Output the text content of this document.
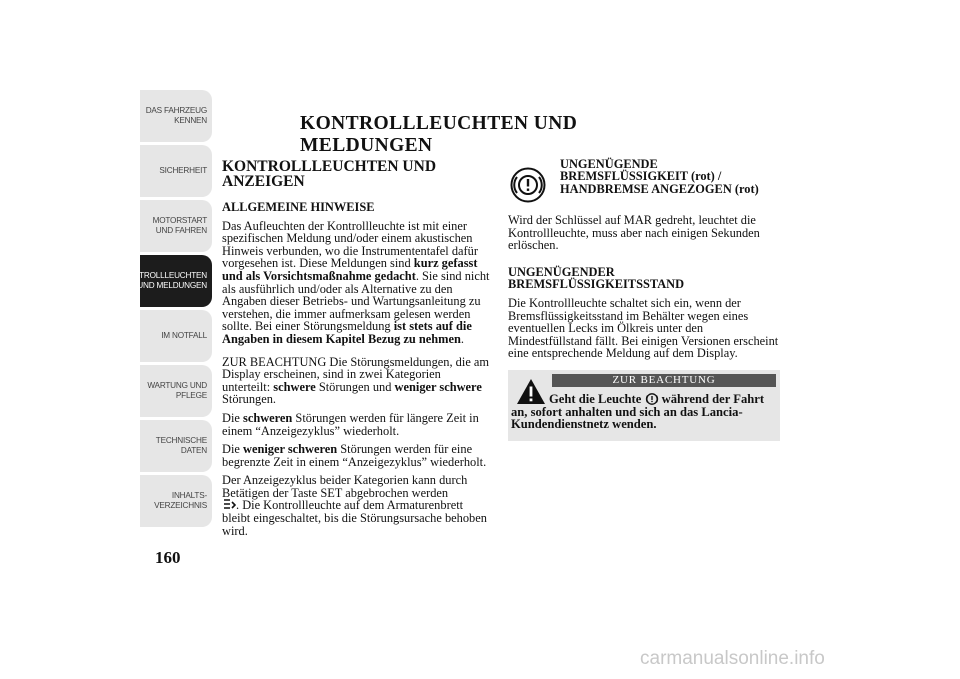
DAS FAHRZEUG KENNEN
SICHERHEIT
MOTORSTART UND FAHREN
KONTROLLLEUCHTEN UND MELDUNGEN
IM NOTFALL
WARTUNG UND PFLEGE
TECHNISCHE DATEN
INHALTS-VERZEICHNIS
160
KONTROLLLEUCHTEN UND MELDUNGEN
KONTROLLLEUCHTEN UND ANZEIGEN
ALLGEMEINE HINWEISE

Das Aufleuchten der Kontrollleuchte ist mit einer spezifischen Meldung und/oder einem akustischen Hinweis verbunden, wo die Instrumententafel dafür vorgesehen ist. Diese Meldungen sind kurz gefasst und als Vorsichtsmaßnahme gedacht. Sie sind nicht als ausführlich und/oder als Alternative zu den Angaben dieser Betriebs- und Wartungsanleitung zu verstehen, die immer aufmerksam gelesen werden sollte. Bei einer Störungsmeldung ist stets auf die Angaben in diesem Kapitel Bezug zu nehmen.

ZUR BEACHTUNG Die Störungsmeldungen, die am Display erscheinen, sind in zwei Kategorien unterteilt: schwere Störungen und weniger schwere Störungen.

Die schweren Störungen werden für längere Zeit in einem “Anzeigezyklus” wiederholt.

Die weniger schweren Störungen werden für eine begrenzte Zeit in einem “Anzeigezyklus” wiederholt.

Der Anzeigezyklus beider Kategorien kann durch Betätigen der Taste SET abgebrochen werden
. Die Kontrollleuchte auf dem Armaturenbrett bleibt eingeschaltet, bis die Störungsursache behoben wird.

UNGENÜGENDE BREMSFLÜSSIGKEIT (rot) / HANDBREMSE ANGEZOGEN (rot)

Wird der Schlüssel auf MAR gedreht, leuchtet die Kontrollleuchte, muss aber nach einigen Sekunden erlöschen.

UNGENÜGENDER BREMSFLÜSSIGKEITSSTAND

Die Kontrollleuchte schaltet sich ein, wenn der Bremsflüssigkeitsstand im Behälter wegen eines eventuellen Lecks im Ölkreis unter den Mindestfüllstand fällt. Bei einigen Versionen erscheint eine entsprechende Meldung auf dem Display.

ZUR BEACHTUNG
Geht die Leuchte  während der Fahrt an, sofort anhalten und sich an das Lancia-Kundendienstnetz wenden.
carmanualsonline.info
